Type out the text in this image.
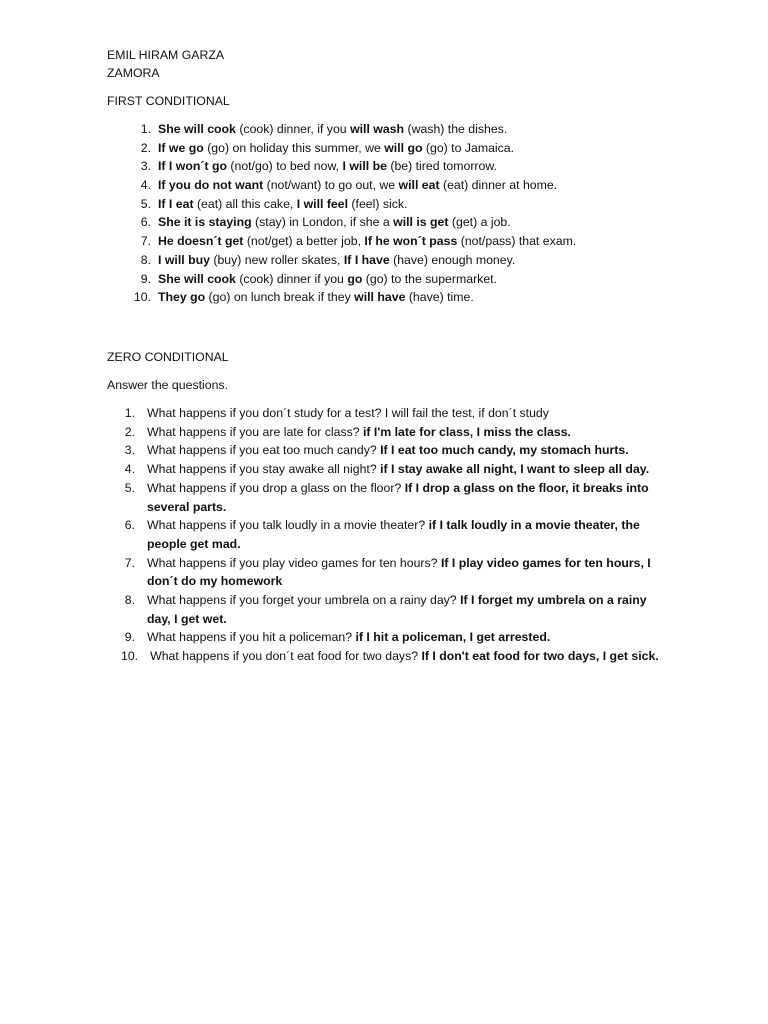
EMIL HIRAM GARZA
ZAMORA
FIRST CONDITIONAL
1. She will cook (cook) dinner, if you will wash (wash) the dishes.
2. If we go (go) on holiday this summer, we will go (go) to Jamaica.
3. If I won´t go (not/go) to bed now, I will be (be) tired tomorrow.
4. If you do not want (not/want) to go out, we will eat (eat) dinner at home.
5. If I eat (eat) all this cake, I will feel (feel) sick.
6. She it is staying (stay) in London, if she a will is get (get) a job.
7. He doesn´t get (not/get) a better job, If he won´t pass (not/pass) that exam.
8. I will buy (buy) new roller skates, If I have (have) enough money.
9. She will cook (cook) dinner if you go (go) to the supermarket.
10. They go (go) on lunch break if they will have (have) time.
ZERO CONDITIONAL
Answer the questions.
1. What happens if you don´t study for a test? I will fail the test, if don´t study
2. What happens if you are late for class? if I'm late for class, I miss the class.
3. What happens if you eat too much candy? If I eat too much candy, my stomach hurts.
4. What happens if you stay awake all night? if I stay awake all night, I want to sleep all day.
5. What happens if you drop a glass on the floor? If I drop a glass on the floor, it breaks into several parts.
6. What happens if you talk loudly in a movie theater? if I talk loudly in a movie theater, the people get mad.
7. What happens if you play video games for ten hours? If I play video games for ten hours, I don´t do my homework
8. What happens if you forget your umbrela on a rainy day? If I forget my umbrela on a rainy day, I get wet.
9. What happens if you hit a policeman? if I hit a policeman, I get arrested.
10. What happens if you don´t eat food for two days? If I don't eat food for two days, I get sick.
